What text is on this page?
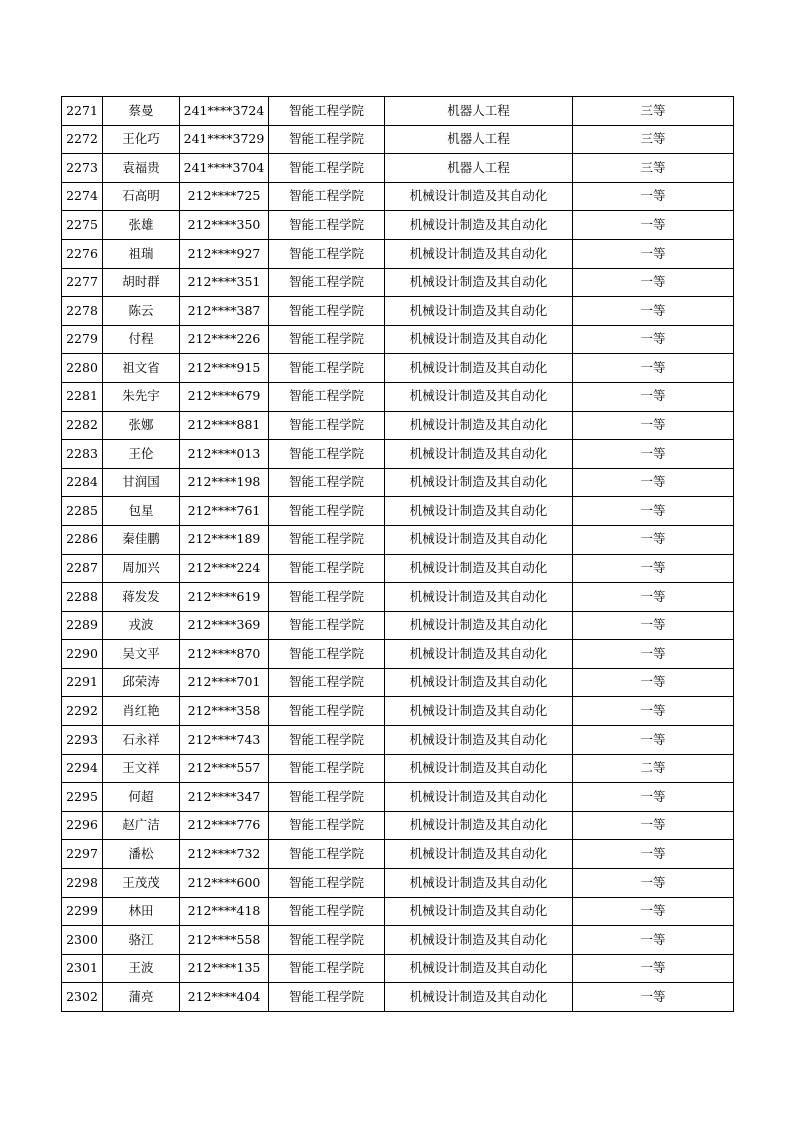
2271	蔡曼	241****3724	智能工程学院	机器人工程	三等
2272	王化巧	241****3729	智能工程学院	机器人工程	三等
2273	袁福贵	241****3704	智能工程学院	机器人工程	三等
2274	石高明	212****725	智能工程学院	机械设计制造及其自动化	一等
2275	张雄	212****350	智能工程学院	机械设计制造及其自动化	一等
2276	祖瑞	212****927	智能工程学院	机械设计制造及其自动化	一等
2277	胡时群	212****351	智能工程学院	机械设计制造及其自动化	一等
2278	陈云	212****387	智能工程学院	机械设计制造及其自动化	一等
2279	付程	212****226	智能工程学院	机械设计制造及其自动化	一等
2280	祖文省	212****915	智能工程学院	机械设计制造及其自动化	一等
2281	朱先宇	212****679	智能工程学院	机械设计制造及其自动化	一等
2282	张娜	212****881	智能工程学院	机械设计制造及其自动化	一等
2283	王伦	212****013	智能工程学院	机械设计制造及其自动化	一等
2284	甘润国	212****198	智能工程学院	机械设计制造及其自动化	一等
2285	包星	212****761	智能工程学院	机械设计制造及其自动化	一等
2286	秦佳鹏	212****189	智能工程学院	机械设计制造及其自动化	一等
2287	周加兴	212****224	智能工程学院	机械设计制造及其自动化	一等
2288	蒋发发	212****619	智能工程学院	机械设计制造及其自动化	一等
2289	戎波	212****369	智能工程学院	机械设计制造及其自动化	一等
2290	吴文平	212****870	智能工程学院	机械设计制造及其自动化	一等
2291	邱荣涛	212****701	智能工程学院	机械设计制造及其自动化	一等
2292	肖红艳	212****358	智能工程学院	机械设计制造及其自动化	一等
2293	石永祥	212****743	智能工程学院	机械设计制造及其自动化	一等
2294	王文祥	212****557	智能工程学院	机械设计制造及其自动化	二等
2295	何超	212****347	智能工程学院	机械设计制造及其自动化	一等
2296	赵广洁	212****776	智能工程学院	机械设计制造及其自动化	一等
2297	潘松	212****732	智能工程学院	机械设计制造及其自动化	一等
2298	王茂茂	212****600	智能工程学院	机械设计制造及其自动化	一等
2299	林田	212****418	智能工程学院	机械设计制造及其自动化	一等
2300	骆江	212****558	智能工程学院	机械设计制造及其自动化	一等
2301	王波	212****135	智能工程学院	机械设计制造及其自动化	一等
2302	蒲亮	212****404	智能工程学院	机械设计制造及其自动化	一等
